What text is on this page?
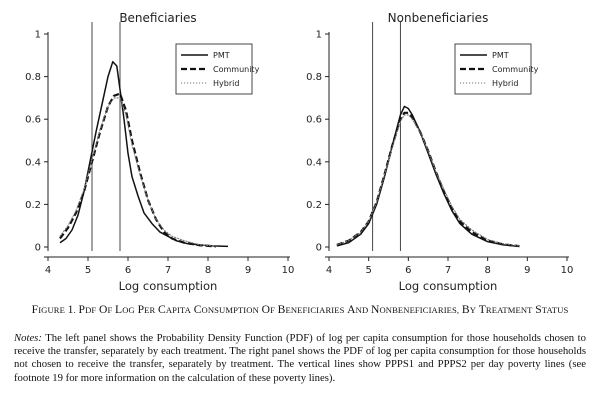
Beneficiaries
0
0.2
0.4
0.6
0.8
1
4	5	6	7	8	9	10
Log consumption
PMT
Community
Hybrid
Nonbeneficiaries
0
0.2
0.4
0.6
0.8
1
4	5	6	7	8	9	10
Log consumption
PMT
Community
Hybrid
FIGURE 1. PDF OF LOG PER CAPITA CONSUMPTION OF BENEFICIARIES AND NONBENEFICIARIES, BY TREATMENT STATUS
Notes: The left panel shows the Probability Density Function (PDF) of log per capita consumption for those households chosen to receive the transfer, separately by each treatment. The right panel shows the PDF of log per capita consumption for those households not chosen to receive the transfer, separately by treatment. The vertical lines show PPPS1 and PPPS2 per day poverty lines (see footnote 19 for more information on the calculation of these poverty lines).
